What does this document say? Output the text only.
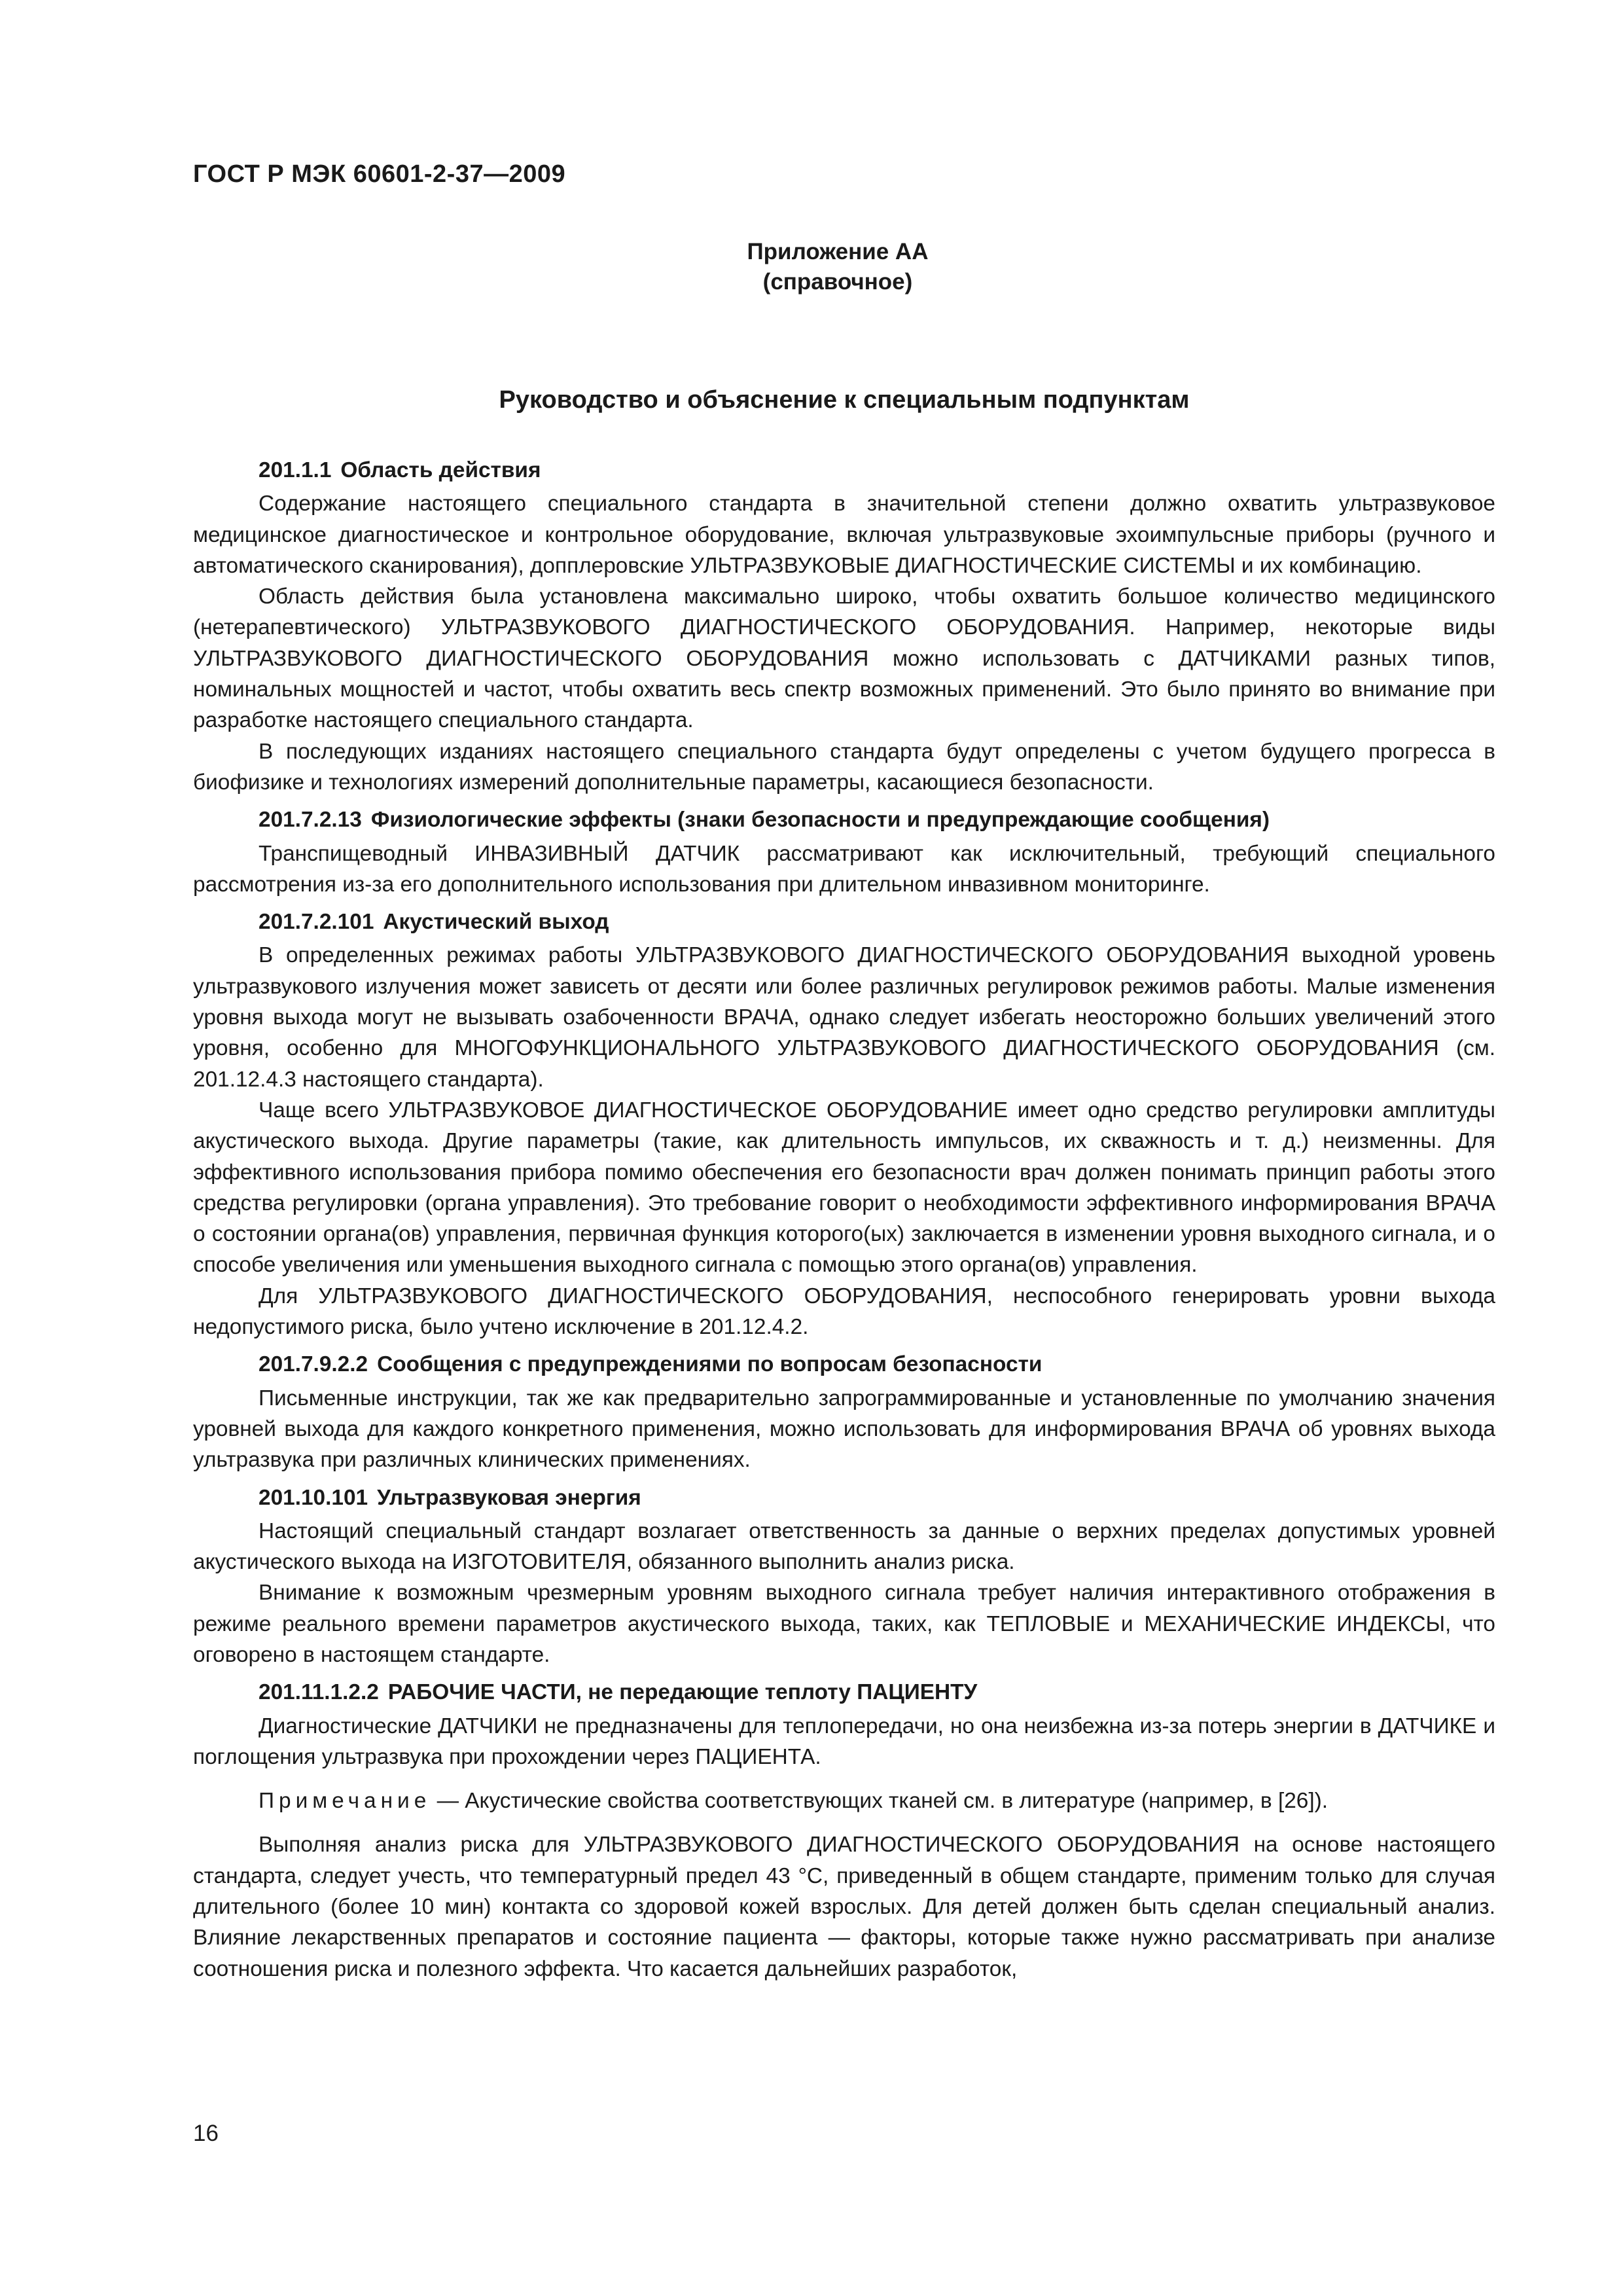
ГОСТ Р МЭК 60601-2-37—2009
Приложение АА
(справочное)
Руководство и объяснение к специальным подпунктам
201.1.1 Область действия

Содержание настоящего специального стандарта в значительной степени должно охватить ультразвуковое медицинское диагностическое и контрольное оборудование, включая ультразвуковые эхоимпульсные приборы (ручного и автоматического сканирования), допплеровские УЛЬТРАЗВУКОВЫЕ ДИАГНОСТИЧЕСКИЕ СИСТЕМЫ и их комбинацию.

Область действия была установлена максимально широко, чтобы охватить большое количество медицинского (нетерапевтического) УЛЬТРАЗВУКОВОГО ДИАГНОСТИЧЕСКОГО ОБОРУДОВАНИЯ. Например, некоторые виды УЛЬТРАЗВУКОВОГО ДИАГНОСТИЧЕСКОГО ОБОРУДОВАНИЯ можно использовать с ДАТЧИКАМИ разных типов, номинальных мощностей и частот, чтобы охватить весь спектр возможных применений. Это было принято во внимание при разработке настоящего специального стандарта.

В последующих изданиях настоящего специального стандарта будут определены с учетом будущего прогресса в биофизике и технологиях измерений дополнительные параметры, касающиеся безопасности.

201.7.2.13 Физиологические эффекты (знаки безопасности и предупреждающие сообщения)

Транспищеводный ИНВАЗИВНЫЙ ДАТЧИК рассматривают как исключительный, требующий специального рассмотрения из-за его дополнительного использования при длительном инвазивном мониторинге.

201.7.2.101 Акустический выход

В определенных режимах работы УЛЬТРАЗВУКОВОГО ДИАГНОСТИЧЕСКОГО ОБОРУДОВАНИЯ выходной уровень ультразвукового излучения может зависеть от десяти или более различных регулировок режимов работы. Малые изменения уровня выхода могут не вызывать озабоченности ВРАЧА, однако следует избегать неосторожно больших увеличений этого уровня, особенно для МНОГОФУНКЦИОНАЛЬНОГО УЛЬТРАЗВУКОВОГО ДИАГНОСТИЧЕСКОГО ОБОРУДОВАНИЯ (см. 201.12.4.3 настоящего стандарта).

Чаще всего УЛЬТРАЗВУКОВОЕ ДИАГНОСТИЧЕСКОЕ ОБОРУДОВАНИЕ имеет одно средство регулировки амплитуды акустического выхода. Другие параметры (такие, как длительность импульсов, их скважность и т. д.) неизменны. Для эффективного использования прибора помимо обеспечения его безопасности врач должен понимать принцип работы этого средства регулировки (органа управления). Это требование говорит о необходимости эффективного информирования ВРАЧА о состоянии органа(ов) управления, первичная функция которого(ых) заключается в изменении уровня выходного сигнала, и о способе увеличения или уменьшения выходного сигнала с помощью этого органа(ов) управления.

Для УЛЬТРАЗВУКОВОГО ДИАГНОСТИЧЕСКОГО ОБОРУДОВАНИЯ, неспособного генерировать уровни выхода недопустимого риска, было учтено исключение в 201.12.4.2.

201.7.9.2.2 Сообщения с предупреждениями по вопросам безопасности

Письменные инструкции, так же как предварительно запрограммированные и установленные по умолчанию значения уровней выхода для каждого конкретного применения, можно использовать для информирования ВРАЧА об уровнях выхода ультразвука при различных клинических применениях.

201.10.101 Ультразвуковая энергия

Настоящий специальный стандарт возлагает ответственность за данные о верхних пределах допустимых уровней акустического выхода на ИЗГОТОВИТЕЛЯ, обязанного выполнить анализ риска.

Внимание к возможным чрезмерным уровням выходного сигнала требует наличия интерактивного отображения в режиме реального времени параметров акустического выхода, таких, как ТЕПЛОВЫЕ и МЕХАНИЧЕСКИЕ ИНДЕКСЫ, что оговорено в настоящем стандарте.

201.11.1.2.2 РАБОЧИЕ ЧАСТИ, не передающие теплоту ПАЦИЕНТУ

Диагностические ДАТЧИКИ не предназначены для теплопередачи, но она неизбежна из-за потерь энергии в ДАТЧИКЕ и поглощения ультразвука при прохождении через ПАЦИЕНТА.

Примечание — Акустические свойства соответствующих тканей см. в литературе (например, в [26]).

Выполняя анализ риска для УЛЬТРАЗВУКОВОГО ДИАГНОСТИЧЕСКОГО ОБОРУДОВАНИЯ на основе настоящего стандарта, следует учесть, что температурный предел 43 °С, приведенный в общем стандарте, применим только для случая длительного (более 10 мин) контакта со здоровой кожей взрослых. Для детей должен быть сделан специальный анализ. Влияние лекарственных препаратов и состояние пациента — факторы, которые также нужно рассматривать при анализе соотношения риска и полезного эффекта. Что касается дальнейших разработок,

16
